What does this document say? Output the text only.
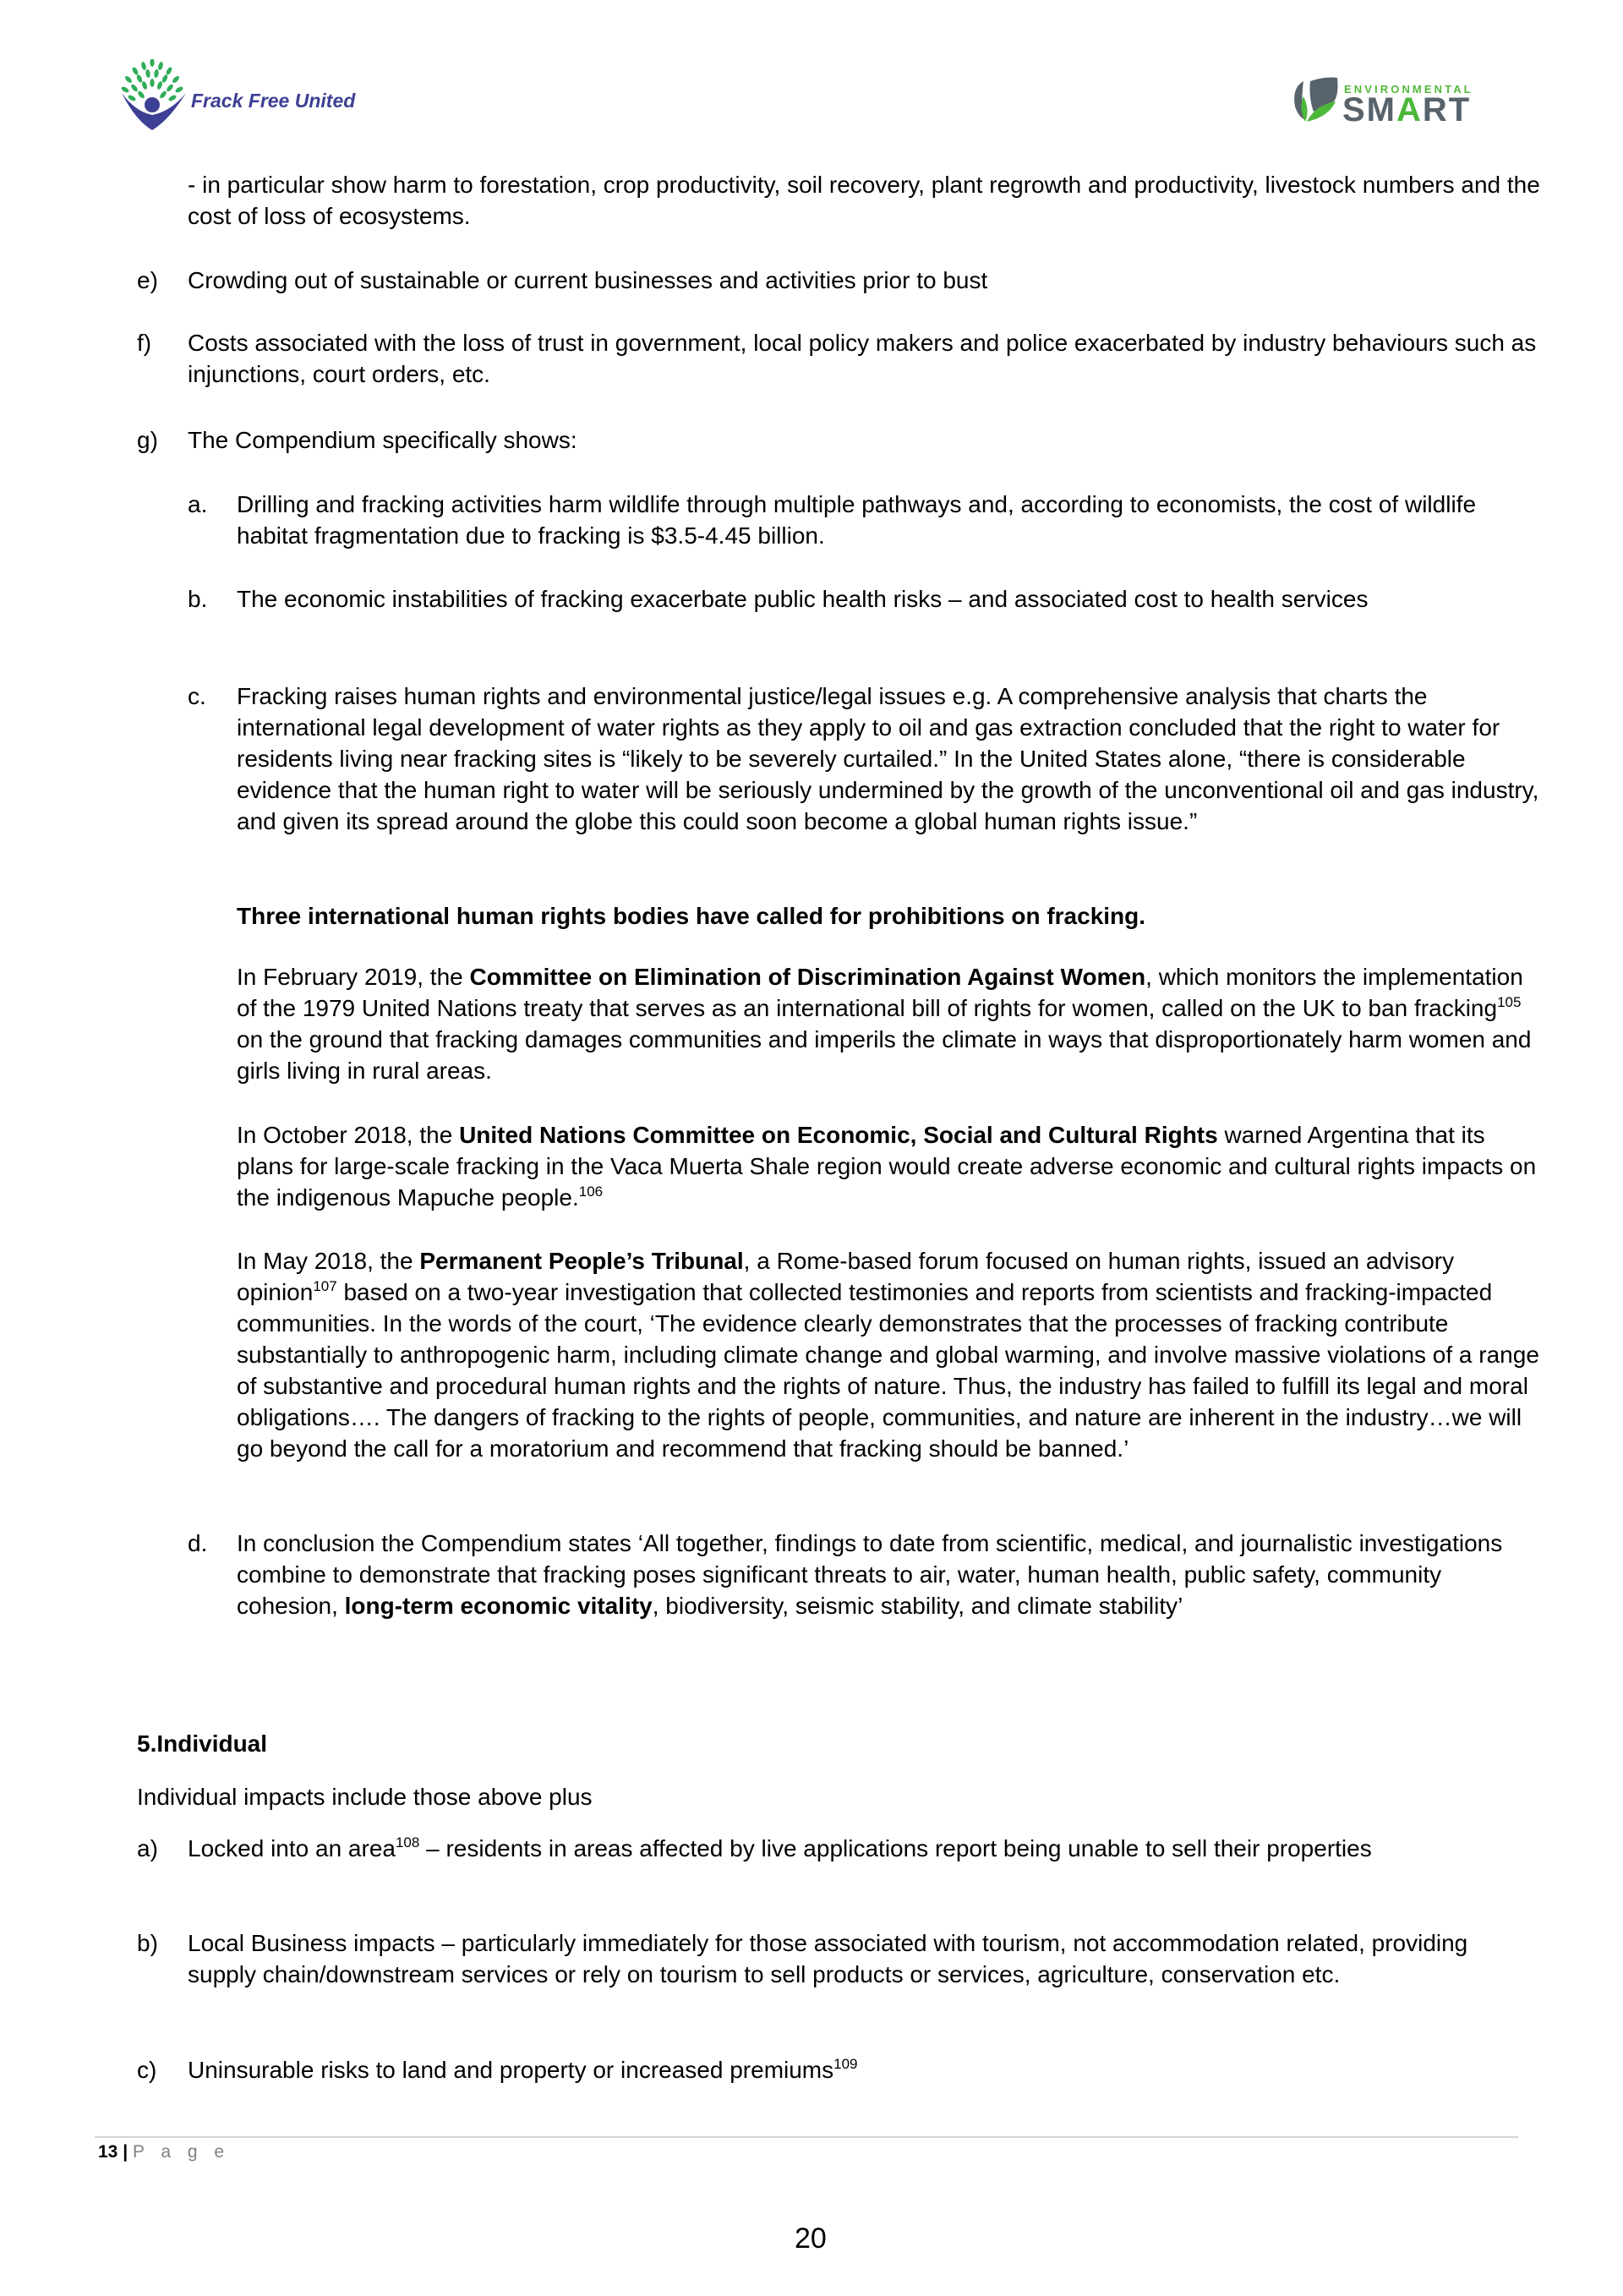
Frack Free United
ENVIRONMENTAL
SMART
- in particular show harm to forestation, crop productivity, soil recovery, plant regrowth and productivity, livestock numbers and the cost of loss of ecosystems.
e) Crowding out of sustainable or current businesses and activities prior to bust
f) Costs associated with the loss of trust in government, local policy makers and police exacerbated by industry behaviours such as injunctions, court orders, etc.
g) The Compendium specifically shows:
a. Drilling and fracking activities harm wildlife through multiple pathways and, according to economists, the cost of wildlife habitat fragmentation due to fracking is $3.5-4.45 billion.
b. The economic instabilities of fracking exacerbate public health risks – and associated cost to health services
c. Fracking raises human rights and environmental justice/legal issues e.g. A comprehensive analysis that charts the international legal development of water rights as they apply to oil and gas extraction concluded that the right to water for residents living near fracking sites is “likely to be severely curtailed.” In the United States alone, “there is considerable evidence that the human right to water will be seriously undermined by the growth of the unconventional oil and gas industry, and given its spread around the globe this could soon become a global human rights issue.”
Three international human rights bodies have called for prohibitions on fracking.
In February 2019, the Committee on Elimination of Discrimination Against Women, which monitors the implementation of the 1979 United Nations treaty that serves as an international bill of rights for women, called on the UK to ban fracking$^{105}$ on the ground that fracking damages communities and imperils the climate in ways that disproportionately harm women and girls living in rural areas.
In October 2018, the United Nations Committee on Economic, Social and Cultural Rights warned Argentina that its plans for large-scale fracking in the Vaca Muerta Shale region would create adverse economic and cultural rights impacts on the indigenous Mapuche people.$^{106}$
In May 2018, the Permanent People’s Tribunal, a Rome-based forum focused on human rights, issued an advisory opinion$^{107}$ based on a two-year investigation that collected testimonies and reports from scientists and fracking-impacted communities. In the words of the court, ‘The evidence clearly demonstrates that the processes of fracking contribute substantially to anthropogenic harm, including climate change and global warming, and involve massive violations of a range of substantive and procedural human rights and the rights of nature. Thus, the industry has failed to fulfill its legal and moral obligations…. The dangers of fracking to the rights of people, communities, and nature are inherent in the industry…we will go beyond the call for a moratorium and recommend that fracking should be banned.’
d. In conclusion the Compendium states ‘All together, findings to date from scientific, medical, and journalistic investigations combine to demonstrate that fracking poses significant threats to air, water, human health, public safety, community cohesion, long-term economic vitality, biodiversity, seismic stability, and climate stability’
5.Individual
Individual impacts include those above plus
a) Locked into an area$^{108}$ – residents in areas affected by live applications report being unable to sell their properties
b) Local Business impacts – particularly immediately for those associated with tourism, not accommodation related, providing supply chain/downstream services or rely on tourism to sell products or services, agriculture, conservation etc.
c) Uninsurable risks to land and property or increased premiums$^{109}$
13 | P a g e
20
